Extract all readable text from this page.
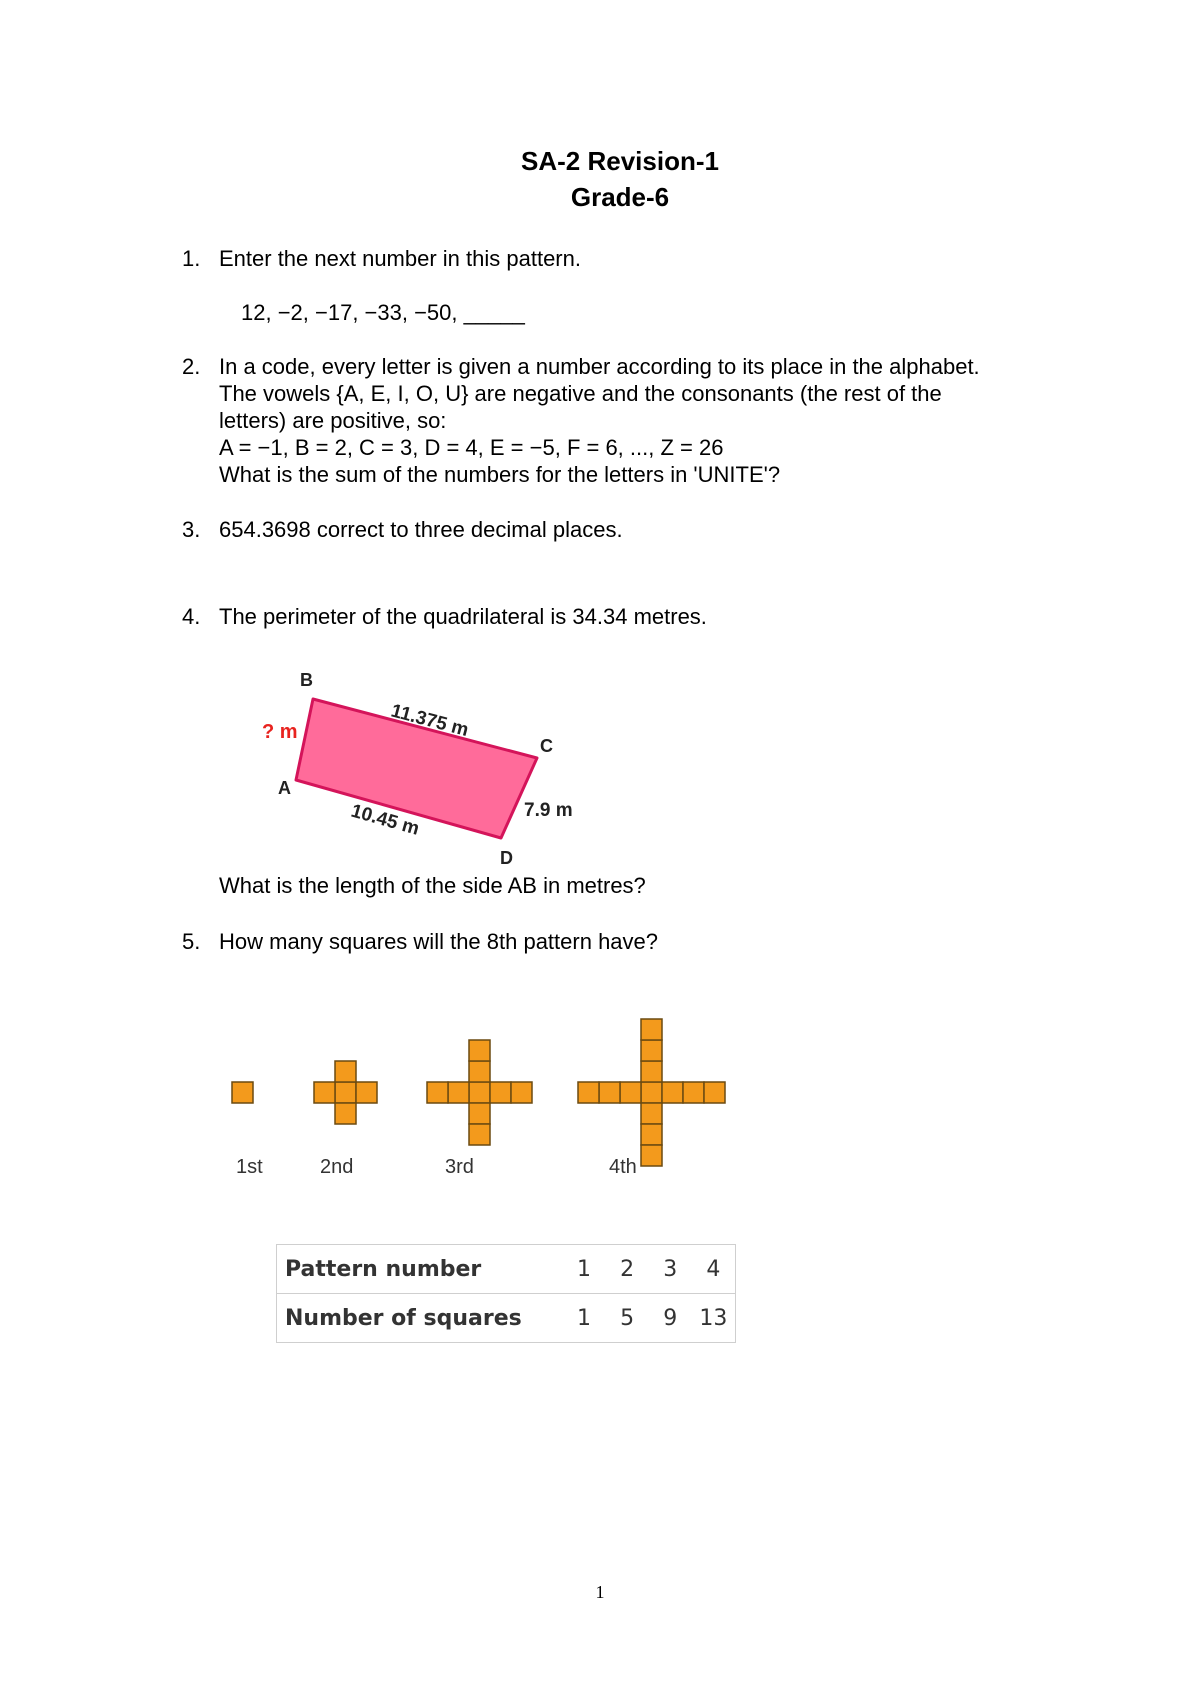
SA-2 Revision-1
Grade-6
1. Enter the next number in this pattern.
12, −2, −17, −33, −50, _____
2. In a code, every letter is given a number according to its place in the alphabet.
The vowels {A, E, I, O, U} are negative and the consonants (the rest of the
letters) are positive, so:
A = −1, B = 2, C = 3, D = 4, E = −5, F = 6, ..., Z = 26
What is the sum of the numbers for the letters in 'UNITE'?
3. 654.3698 correct to three decimal places.
4. The perimeter of the quadrilateral is 34.34 metres.
B
C
A
D
? m	11.375 m
7.9 m
10.45 m
What is the length of the side AB in metres?
5. How many squares will the 8th pattern have?
1st	2nd	3rd	4th
Pattern number	1	2	3	4
Number of squares	1	5	9	13
1
